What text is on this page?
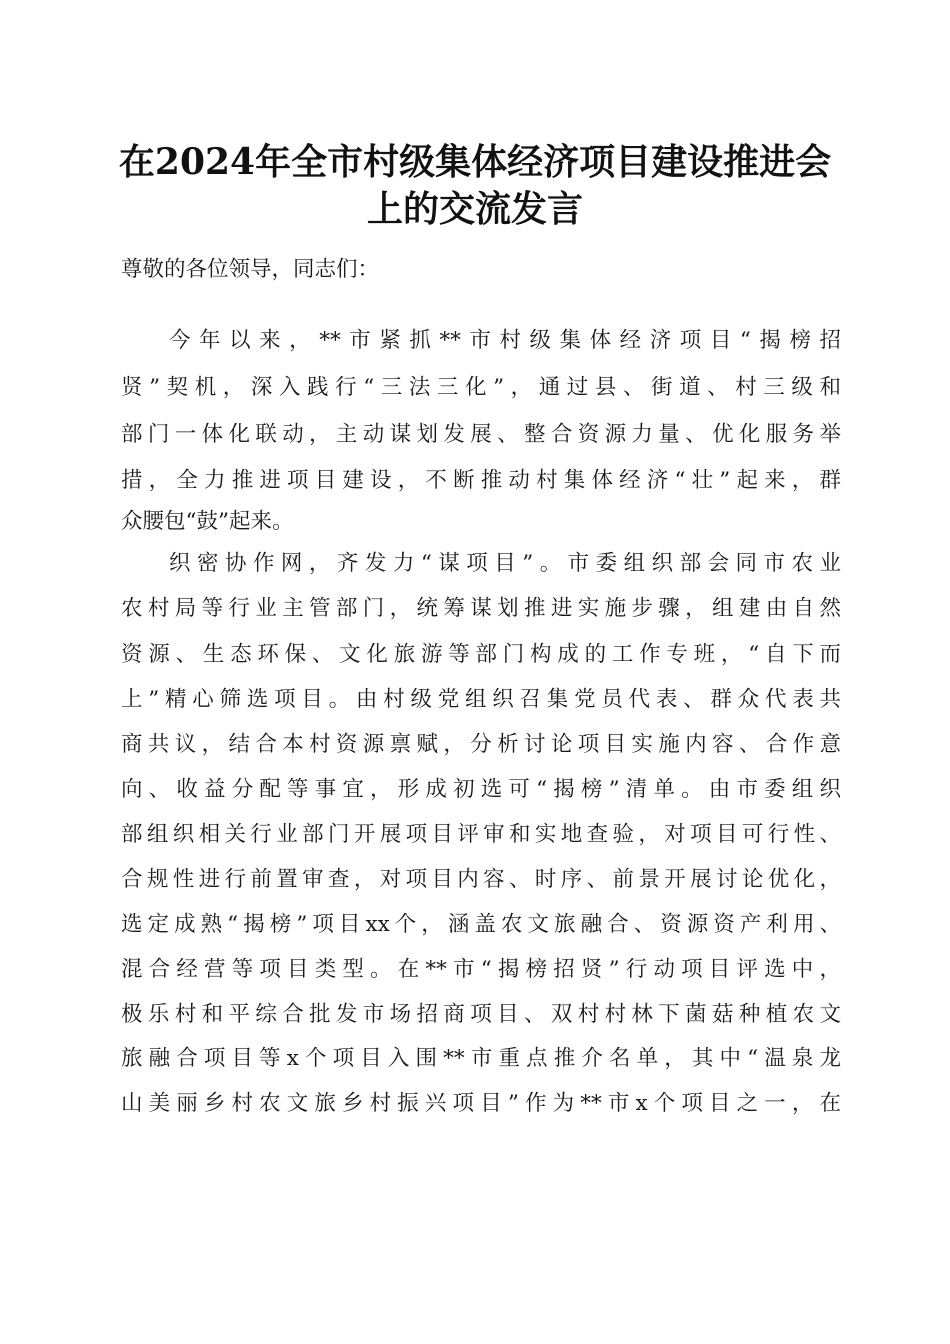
在2024年全市村级集体经济项目建设推进会
上的交流发言
尊敬的各位领导，同志们：
今年以来，**市紧抓**市村级集体经济项目“揭榜招
贤”契机，深入践行“三法三化”，通过县、街道、村三级和
部门一体化联动，主动谋划发展、整合资源力量、优化服务举
措，全力推进项目建设，不断推动村集体经济“壮”起来，群
众腰包“鼓”起来。
织密协作网，齐发力“谋项目”。市委组织部会同市农业
农村局等行业主管部门，统筹谋划推进实施步骤，组建由自然
资源、生态环保、文化旅游等部门构成的工作专班，“自下而
上”精心筛选项目。由村级党组织召集党员代表、群众代表共
商共议，结合本村资源禀赋，分析讨论项目实施内容、合作意
向、收益分配等事宜，形成初选可“揭榜”清单。由市委组织
部组织相关行业部门开展项目评审和实地查验，对项目可行性、
合规性进行前置审查，对项目内容、时序、前景开展讨论优化，
选定成熟“揭榜”项目xx个，涵盖农文旅融合、资源资产利用、
混合经营等项目类型。在**市“揭榜招贤”行动项目评选中，
极乐村和平综合批发市场招商项目、双村村林下菌菇种植农文
旅融合项目等x个项目入围**市重点推介名单，其中“温泉龙
山美丽乡村农文旅乡村振兴项目”作为**市x个项目之一，在
